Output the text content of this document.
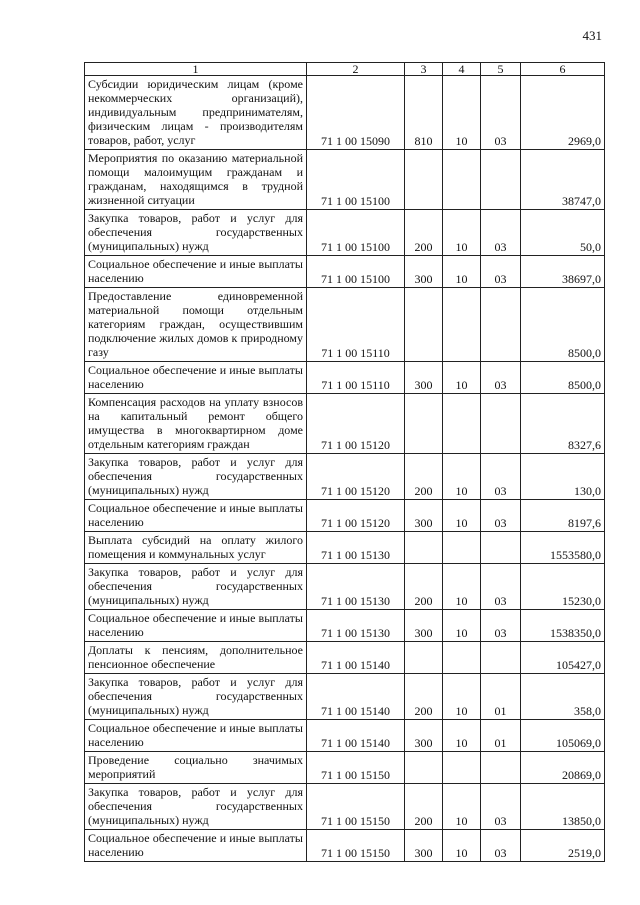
431
1	2	3	4	5	6
Субсидии юридическим лицам (кроме некоммерческих организаций), индивидуальным предпринимателям, физическим лицам - производителям товаров, работ, услуг	71 1 00 15090	810	10	03	2969,0
Мероприятия по оказанию материальной помощи малоимущим гражданам и гражданам, находящимся в трудной жизненной ситуации	71 1 00 15100				38747,0
Закупка товаров, работ и услуг для обеспечения государственных (муниципальных) нужд	71 1 00 15100	200	10	03	50,0
Социальное обеспечение и иные выплаты населению	71 1 00 15100	300	10	03	38697,0
Предоставление единовременной материальной помощи отдельным категориям граждан, осуществившим подключение жилых домов к природному газу	71 1 00 15110				8500,0
Социальное обеспечение и иные выплаты населению	71 1 00 15110	300	10	03	8500,0
Компенсация расходов на уплату взносов на капитальный ремонт общего имущества в многоквартирном доме отдельным категориям граждан	71 1 00 15120				8327,6
Закупка товаров, работ и услуг для обеспечения государственных (муниципальных) нужд	71 1 00 15120	200	10	03	130,0
Социальное обеспечение и иные выплаты населению	71 1 00 15120	300	10	03	8197,6
Выплата субсидий на оплату жилого помещения и коммунальных услуг	71 1 00 15130				1553580,0
Закупка товаров, работ и услуг для обеспечения государственных (муниципальных) нужд	71 1 00 15130	200	10	03	15230,0
Социальное обеспечение и иные выплаты населению	71 1 00 15130	300	10	03	1538350,0
Доплаты к пенсиям, дополнительное пенсионное обеспечение	71 1 00 15140				105427,0
Закупка товаров, работ и услуг для обеспечения государственных (муниципальных) нужд	71 1 00 15140	200	10	01	358,0
Социальное обеспечение и иные выплаты населению	71 1 00 15140	300	10	01	105069,0
Проведение социально значимых мероприятий	71 1 00 15150				20869,0
Закупка товаров, работ и услуг для обеспечения государственных (муниципальных) нужд	71 1 00 15150	200	10	03	13850,0
Социальное обеспечение и иные выплаты населению	71 1 00 15150	300	10	03	2519,0
